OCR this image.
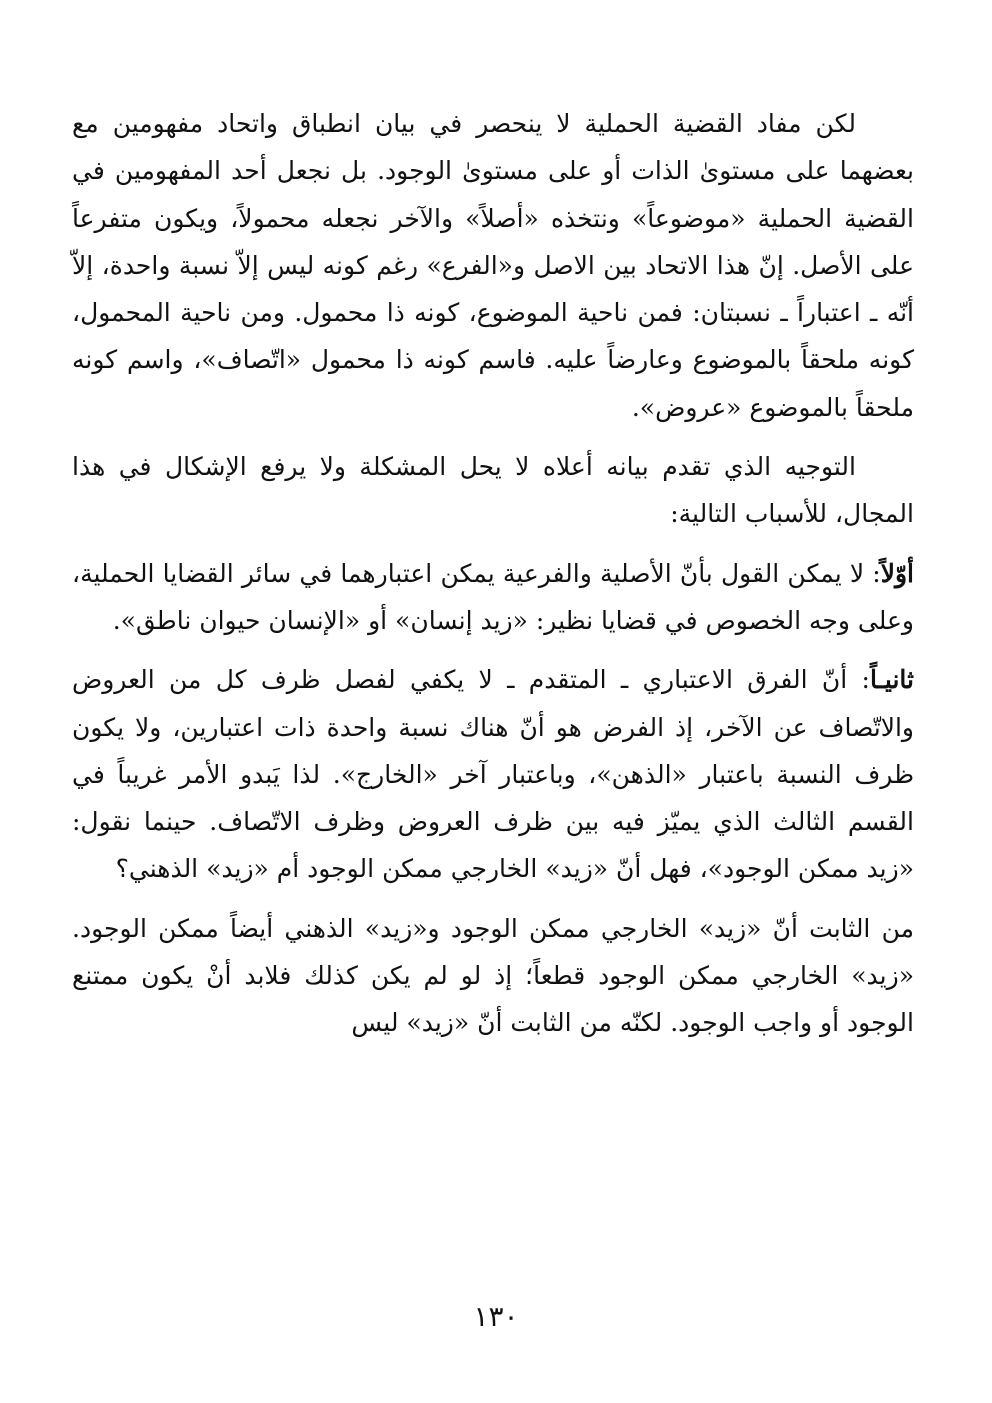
لكن مفاد القضية الحملية لا ينحصر في بيان انطباق واتحاد مفهومين مع بعضهما على مستوىٰ الذات أو على مستوىٰ الوجود. بل نجعل أحد المفهومين في القضية الحملية «موضوعاً» ونتخذه «أصلاً» والآخر نجعله محمولاً، ويكون متفرعاً على الأصل. إنّ هذا الاتحاد بين الاصل و«الفرع» رغم كونه ليس إلاّ نسبة واحدة، إلاّ أنّه ـ اعتباراً ـ نسبتان: فمن ناحية الموضوع، كونه ذا محمول. ومن ناحية المحمول، كونه ملحقاً بالموضوع وعارضاً عليه. فاسم كونه ذا محمول «اتّصاف»، واسم كونه ملحقاً بالموضوع «عروض».

التوجيه الذي تقدم بيانه أعلاه لا يحل المشكلة ولا يرفع الإشكال في هذا المجال، للأسباب التالية:

أوّلاً: لا يمكن القول بأنّ الأصلية والفرعية يمكن اعتبارهما في سائر القضايا الحملية، وعلى وجه الخصوص في قضايا نظير: «زيد إنسان» أو «الإنسان حيوان ناطق».

ثانيـاً: أنّ الفرق الاعتباري ـ المتقدم ـ لا يكفي لفصل ظرف كل من العروض والاتّصاف عن الآخر، إذ الفرض هو أنّ هناك نسبة واحدة ذات اعتبارين، ولا يكون ظرف النسبة باعتبار «الذهن»، وباعتبار آخر «الخارج». لذا يَبدو الأمر غريباً في القسم الثالث الذي يميّز فيه بين ظرف العروض وظرف الاتّصاف. حينما نقول: «زيد ممكن الوجود»، فهل أنّ «زيد» الخارجي ممكن الوجود أم «زيد» الذهني؟

من الثابت أنّ «زيد» الخارجي ممكن الوجود و«زيد» الذهني أيضاً ممكن الوجود. «زيد» الخارجي ممكن الوجود قطعاً؛ إذ لو لم يكن كذلك فلابد أنْ يكون ممتنع الوجود أو واجب الوجود. لكنّه من الثابت أنّ «زيد» ليس

١٣٠
